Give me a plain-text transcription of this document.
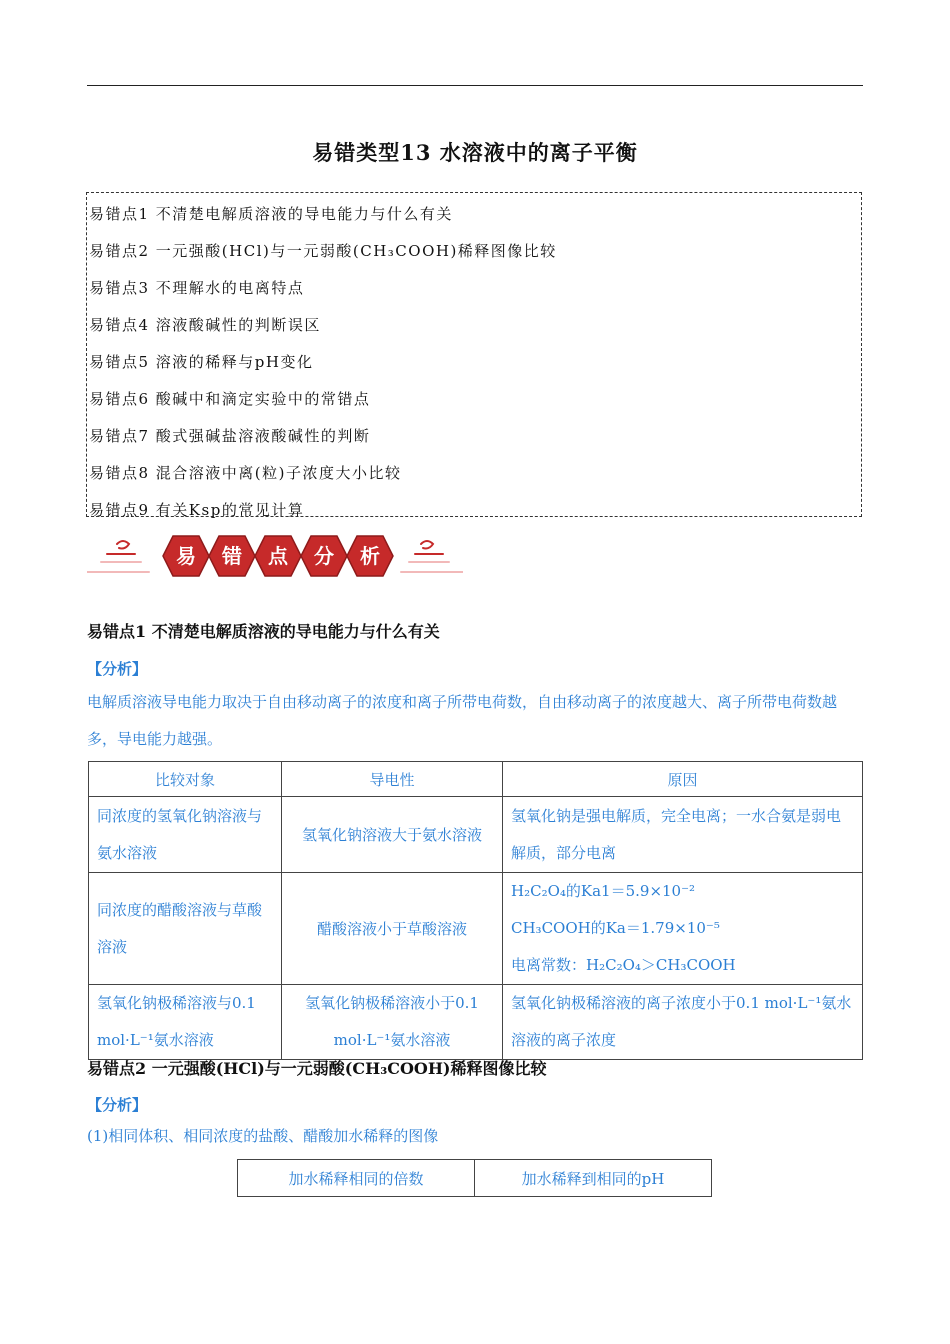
易错类型13 水溶液中的离子平衡
易错点1 不清楚电解质溶液的导电能力与什么有关
易错点2 一元强酸(HCl)与一元弱酸(CH₃COOH)稀释图像比较
易错点3 不理解水的电离特点
易错点4 溶液酸碱性的判断误区
易错点5 溶液的稀释与pH变化
易错点6 酸碱中和滴定实验中的常错点
易错点7 酸式强碱盐溶液酸碱性的判断
易错点8 混合溶液中离(粒)子浓度大小比较
易错点9 有关Ksp的常见计算
易 错 点 分 析
易错点1 不清楚电解质溶液的导电能力与什么有关
【分析】
电解质溶液导电能力取决于自由移动离子的浓度和离子所带电荷数，自由移动离子的浓度越大、离子所带电荷数越多，导电能力越强。
比较对象	导电性	原因
同浓度的氢氧化钠溶液与氨水溶液	氢氧化钠溶液大于氨水溶液	氢氧化钠是强电解质，完全电离；一水合氨是弱电解质，部分电离
同浓度的醋酸溶液与草酸溶液	醋酸溶液小于草酸溶液	H₂C₂O₄的Ka1＝5.9×10⁻²
CH₃COOH的Ka＝1.79×10⁻⁵
电离常数：H₂C₂O₄＞CH₃COOH

氢氧化钠极稀溶液与0.1 mol·L⁻¹氨水溶液	氢氧化钠极稀溶液小于0.1 mol·L⁻¹氨水溶液	氢氧化钠极稀溶液的离子浓度小于0.1 mol·L⁻¹氨水溶液的离子浓度
易错点2 一元强酸(HCl)与一元弱酸(CH₃COOH)稀释图像比较
【分析】
(1)相同体积、相同浓度的盐酸、醋酸加水稀释的图像
加水稀释相同的倍数	加水稀释到相同的pH
